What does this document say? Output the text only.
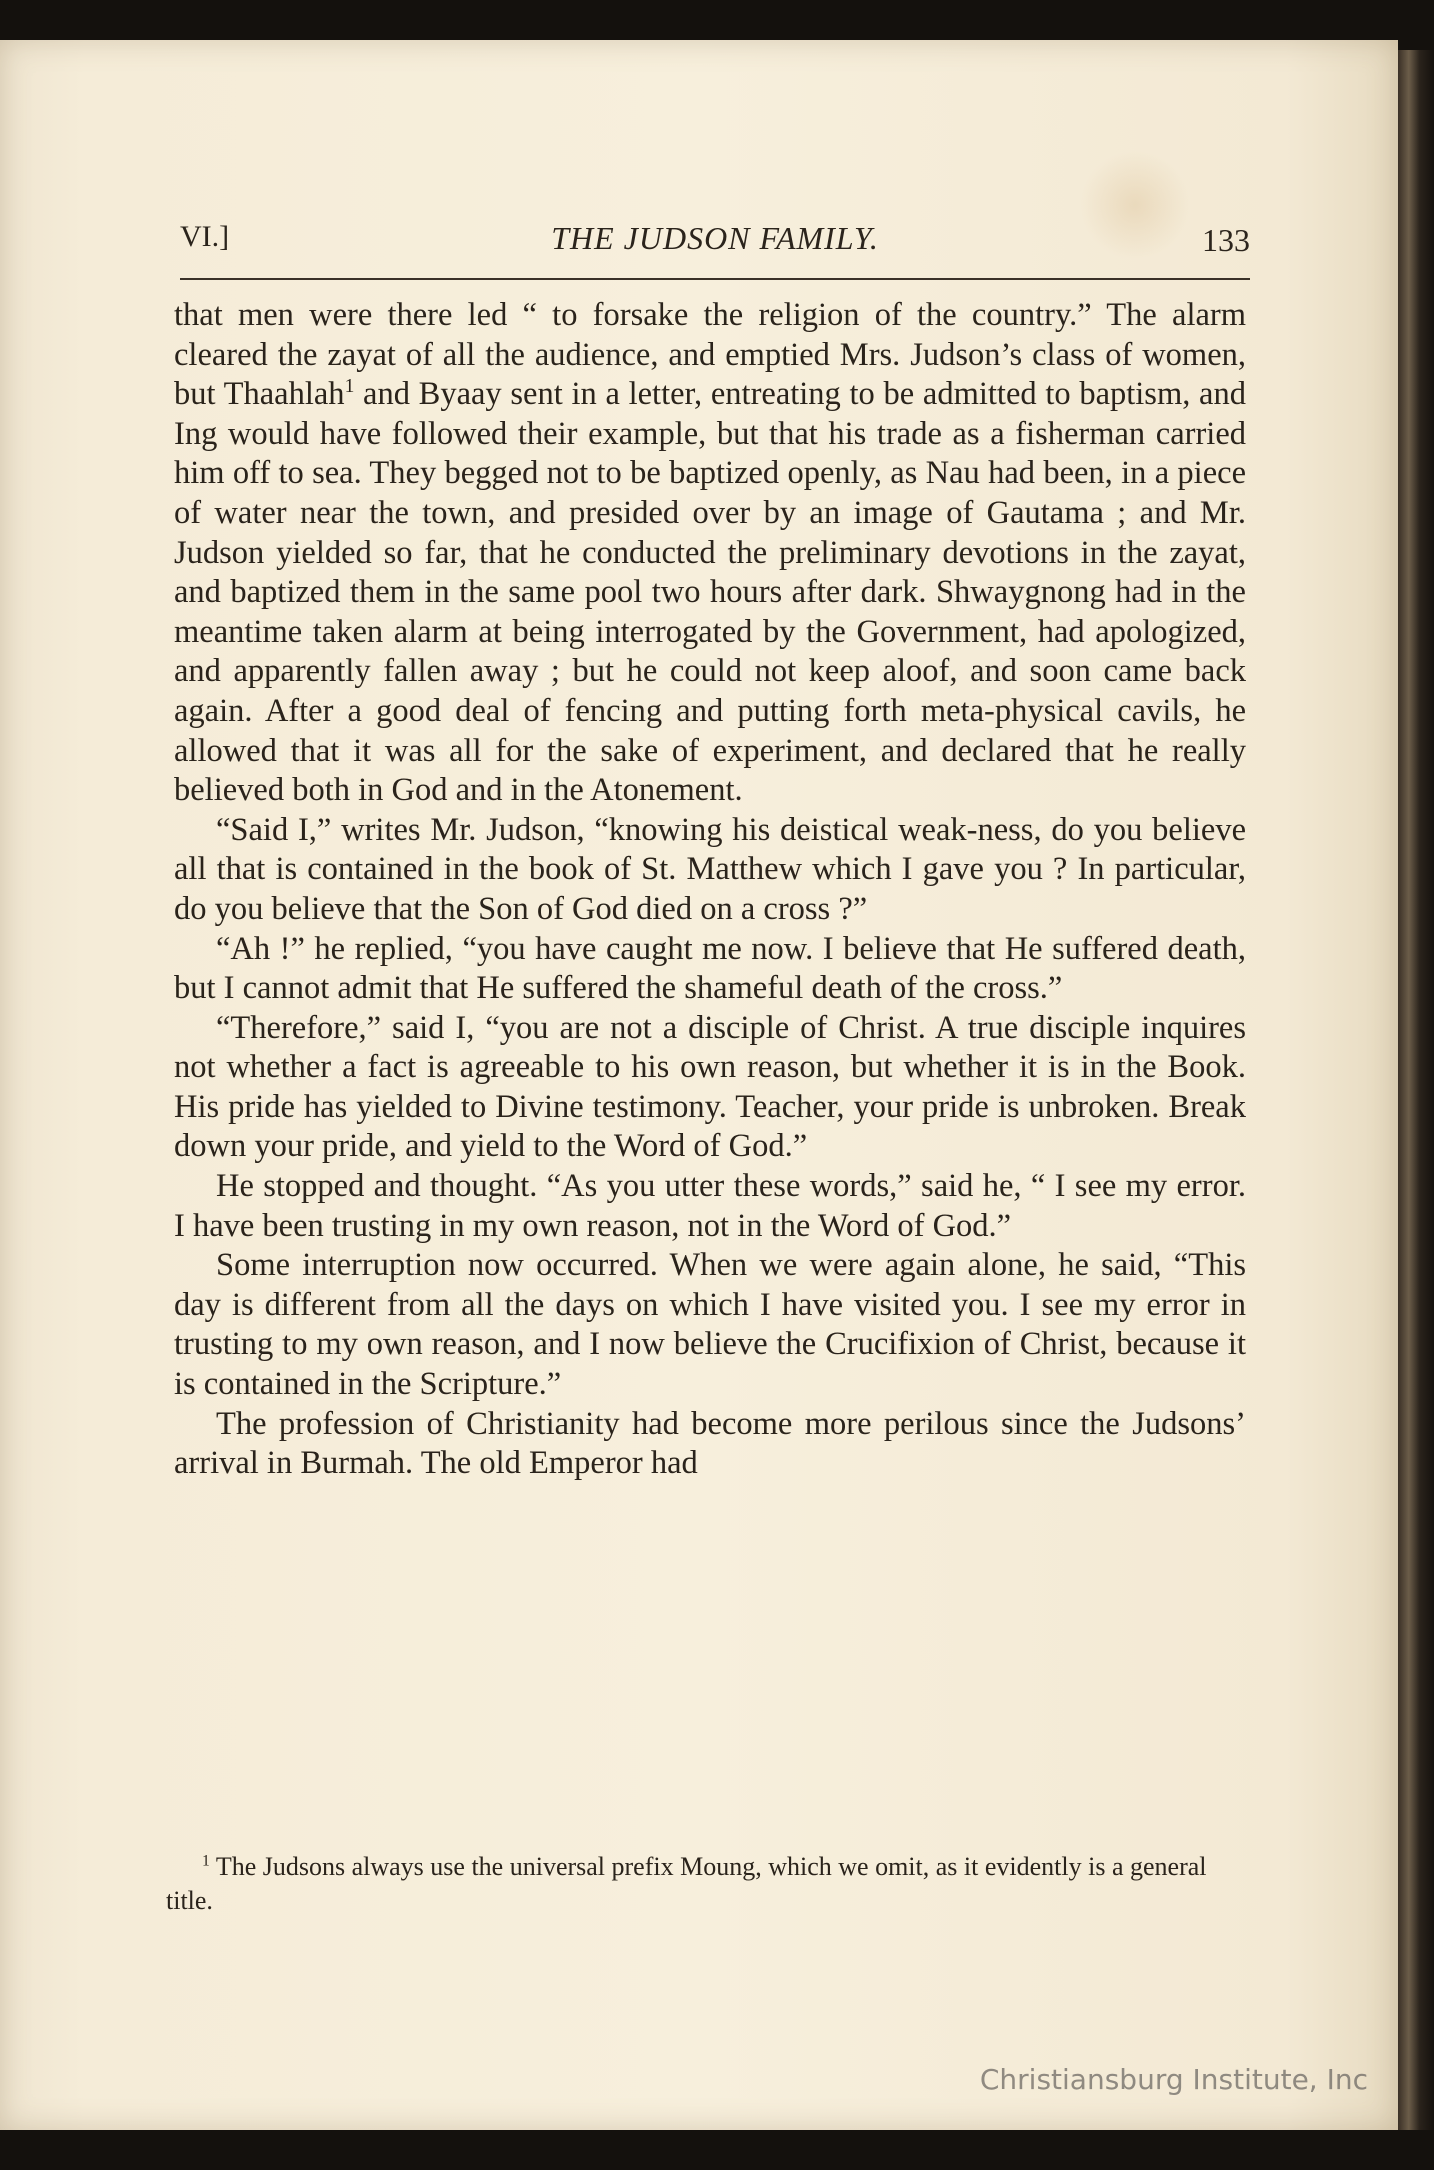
VI.]	THE JUDSON FAMILY.	133

that men were there led “ to forsake the religion of the country.” The alarm cleared the zayat of all the audience, and emptied Mrs. Judson’s class of women, but Thaahlah$^1$ and Byaay sent in a letter, entreating to be admitted to baptism, and Ing would have followed their example, but that his trade as a fisherman carried him off to sea. They begged not to be baptized openly, as Nau had been, in a piece of water near the town, and presided over by an image of Gautama ; and Mr. Judson yielded so far, that he conducted the preliminary devotions in the zayat, and baptized them in the same pool two hours after dark. Shwaygnong had in the meantime taken alarm at being interrogated by the Government, had apologized, and apparently fallen away ; but he could not keep aloof, and soon came back again. After a good deal of fencing and putting forth meta-physical cavils, he allowed that it was all for the sake of experiment, and declared that he really believed both in God and in the Atonement.

“Said I,” writes Mr. Judson, “knowing his deistical weak-ness, do you believe all that is contained in the book of St. Matthew which I gave you ? In particular, do you believe that the Son of God died on a cross ?”

“Ah !” he replied, “you have caught me now. I believe that He suffered death, but I cannot admit that He suffered the shameful death of the cross.”

“Therefore,” said I, “you are not a disciple of Christ. A true disciple inquires not whether a fact is agreeable to his own reason, but whether it is in the Book. His pride has yielded to Divine testimony. Teacher, your pride is unbroken. Break down your pride, and yield to the Word of God.”

He stopped and thought. “As you utter these words,” said he, “ I see my error. I have been trusting in my own reason, not in the Word of God.”

Some interruption now occurred. When we were again alone, he said, “This day is different from all the days on which I have visited you. I see my error in trusting to my own reason, and I now believe the Crucifixion of Christ, because it is contained in the Scripture.”

The profession of Christianity had become more perilous since the Judsons’ arrival in Burmah. The old Emperor had

$^1$ The Judsons always use the universal prefix Moung, which we omit, as it evidently is a general title.
Christiansburg Institute, Inc
